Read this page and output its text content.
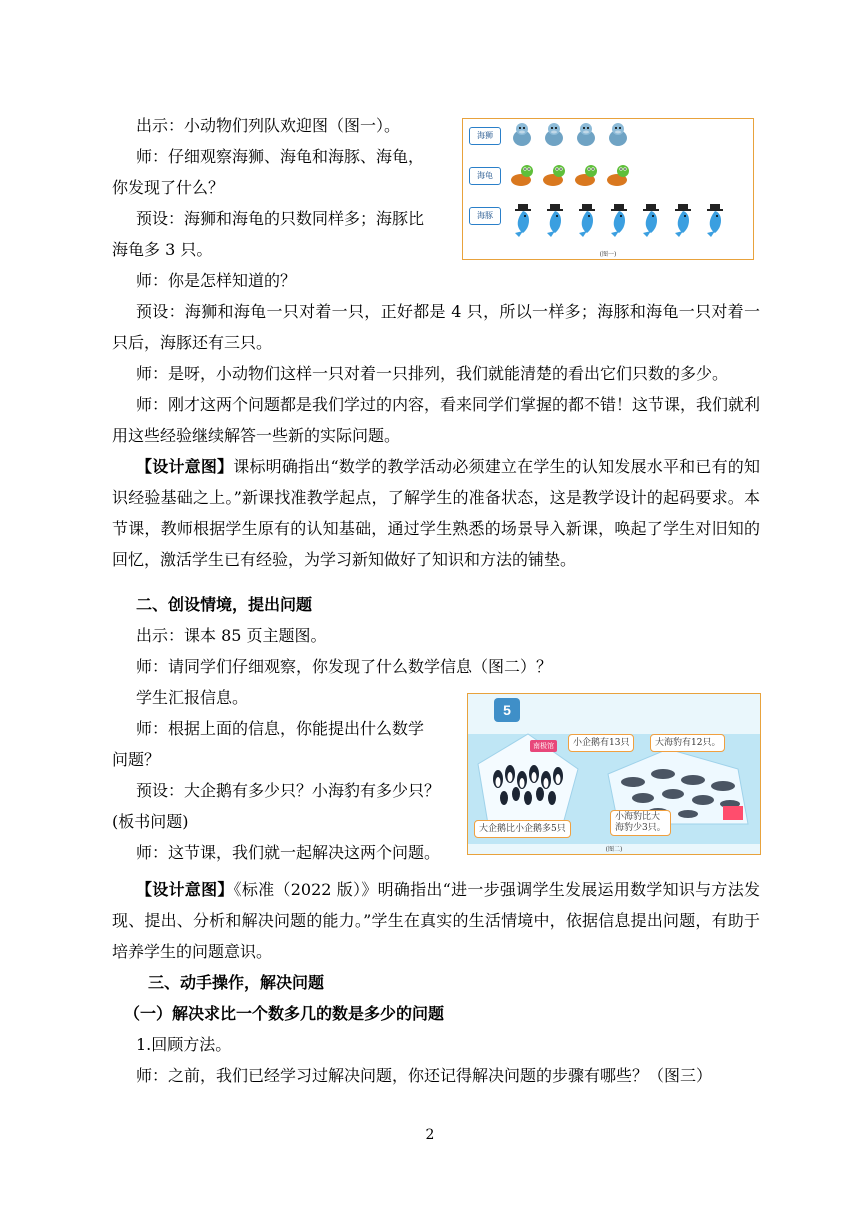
出示：小动物们列队欢迎图（图一）。
师：仔细观察海狮、海龟和海豚、海龟，
你发现了什么？
预设：海狮和海龟的只数同样多；海豚比
海龟多 3 只。
师：你是怎样知道的？
预设：海狮和海龟一只对着一只，正好都是 4 只，所以一样多；海豚和海龟一只对着一只后，海豚还有三只。
师：是呀，小动物们这样一只对着一只排列，我们就能清楚的看出它们只数的多少。
师：刚才这两个问题都是我们学过的内容，看来同学们掌握的都不错！这节课，我们就利用这些经验继续解答一些新的实际问题。
【设计意图】课标明确指出“数学的教学活动必须建立在学生的认知发展水平和已有的知识经验基础之上。”新课找准教学起点，了解学生的准备状态，这是教学设计的起码要求。本节课，教师根据学生原有的认知基础，通过学生熟悉的场景导入新课，唤起了学生对旧知的回忆，激活学生已有经验，为学习新知做好了知识和方法的铺垫。
二、创设情境，提出问题
出示：课本 85 页主题图。
师：请同学们仔细观察，你发现了什么数学信息（图二）？
学生汇报信息。
师：根据上面的信息，你能提出什么数学
问题？
预设：大企鹅有多少只？小海豹有多少只？
(板书问题)
师：这节课，我们就一起解决这两个问题。
【设计意图】《标准（2022 版）》明确指出“进一步强调学生发展运用数学知识与方法发现、提出、分析和解决问题的能力。”学生在真实的生活情境中，依据信息提出问题，有助于培养学生的问题意识。
三、动手操作，解决问题
（一）解决求比一个数多几的数是多少的问题
1.回顾方法。
师：之前，我们已经学习过解决问题，你还记得解决问题的步骤有哪些？（图三）
海狮
海龟
海豚
(图一)
5
南极馆	小企鹅有13只	大海豹有12只。
大企鹅比小企鹅多5只
小海豹比大
海豹少3只。
(图二)
2
